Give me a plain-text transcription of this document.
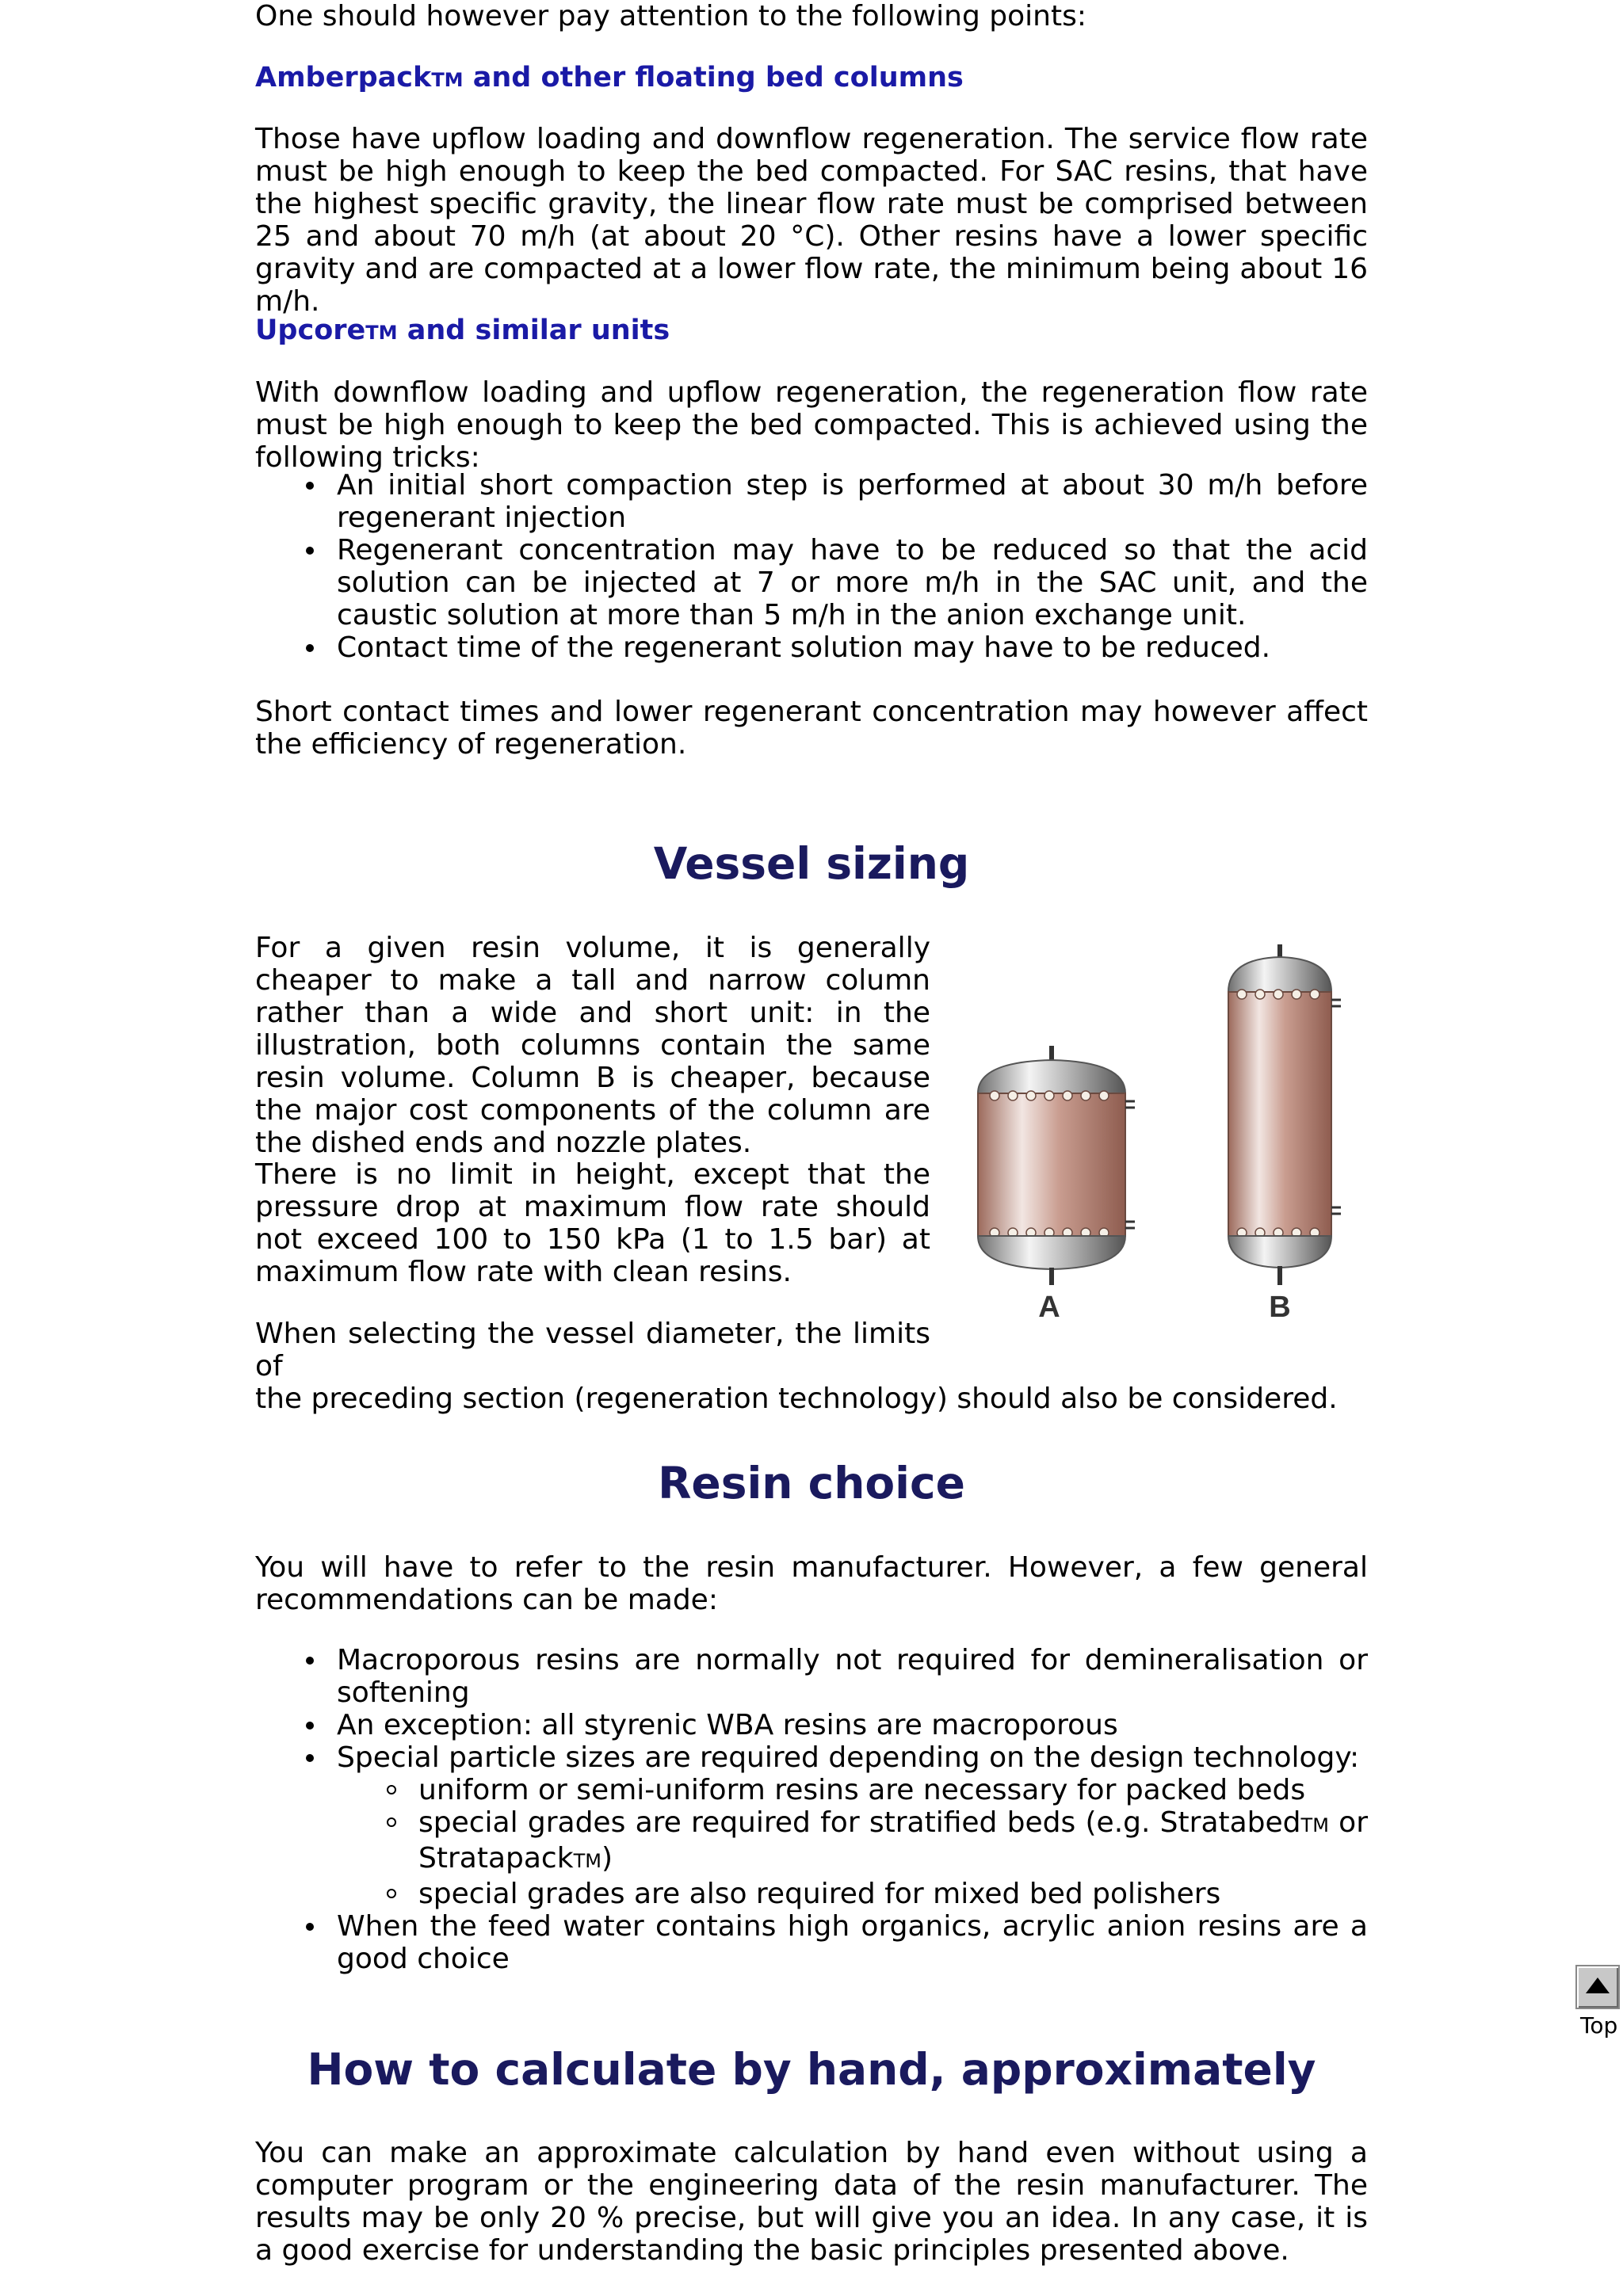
One should however pay attention to the following points:

AmberpackTM and other floating bed columns

Those have upflow loading and downflow regeneration. The service flow rate must be high enough to keep the bed compacted. For SAC resins, that have the highest specific gravity, the linear flow rate must be comprised between 25 and about 70 m/h (at about 20 °C). Other resins have a lower specific gravity and are compacted at a lower flow rate, the minimum being about 16 m/h.

UpcoreTM and similar units

With downflow loading and upflow regeneration, the regeneration flow rate must be high enough to keep the bed compacted. This is achieved using the following tricks:

An initial short compaction step is performed at about 30 m/h before regenerant injection
Regenerant concentration may have to be reduced so that the acid solution can be injected at 7 or more m/h in the SAC unit, and the caustic solution at more than 5 m/h in the anion exchange unit.
Contact time of the regenerant solution may have to be reduced.

Short contact times and lower regenerant concentration may however affect the efficiency of regeneration.

Vessel sizing

For a given resin volume, it is generally cheaper to make a tall and narrow column rather than a wide and short unit: in the illustration, both columns contain the same resin volume. Column B is cheaper, because the major cost components of the column are the dished ends and nozzle plates.

There is no limit in height, except that the pressure drop at maximum flow rate should not exceed 100 to 150 kPa (1 to 1.5 bar) at maximum flow rate with clean resins.

When selecting the vessel diameter, the limits of
the preceding section (regeneration technology) should also be considered.

Resin choice

You will have to refer to the resin manufacturer. However, a few general recommendations can be made:

Macroporous resins are normally not required for demineralisation or softening
An exception: all styrenic WBA resins are macroporous
Special particle sizes are required depending on the design technology:
uniform or semi-uniform resins are necessary for packed beds
special grades are required for stratified beds (e.g. StratabedTM or StratapackTM)
special grades are also required for mixed bed polishers
When the feed water contains high organics, acrylic anion resins are a good choice
How to calculate by hand, approximately

You can make an approximate calculation by hand even without using a computer program or the engineering data of the resin manufacturer. The results may be only 20 % precise, but will give you an idea. In any case, it is a good exercise for understanding the basic principles presented above.

A	B
Top
